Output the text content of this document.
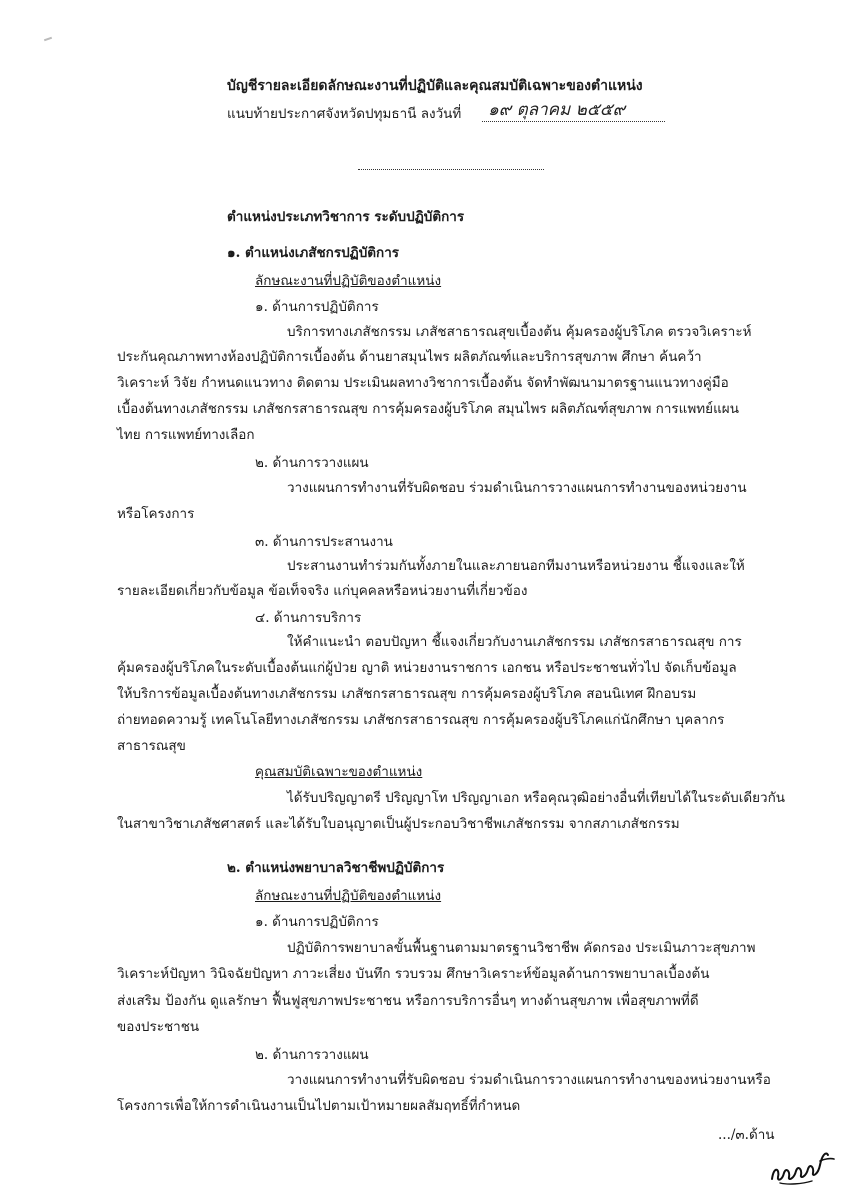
บัญชีรายละเอียดลักษณะงานที่ปฏิบัติและคุณสมบัติเฉพาะของตำแหน่ง
แนบท้ายประกาศจังหวัดปทุมธานี ลงวันที่ ๑๙ ตุลาคม ๒๕๕๙
ตำแหน่งประเภทวิชาการ ระดับปฏิบัติการ
๑. ตำแหน่งเภสัชกรปฏิบัติการ
ลักษณะงานที่ปฏิบัติของตำแหน่ง
๑. ด้านการปฏิบัติการ
บริการทางเภสัชกรรม เภสัชสาธารณสุขเบื้องต้น คุ้มครองผู้บริโภค ตรวจวิเคราะห์
ประกันคุณภาพทางห้องปฏิบัติการเบื้องต้น ด้านยาสมุนไพร ผลิตภัณฑ์และบริการสุขภาพ ศึกษา ค้นคว้า
วิเคราะห์ วิจัย กำหนดแนวทาง ติดตาม ประเมินผลทางวิชาการเบื้องต้น จัดทำพัฒนามาตรฐานแนวทางคู่มือ
เบื้องต้นทางเภสัชกรรม เภสัชกรสาธารณสุข การคุ้มครองผู้บริโภค สมุนไพร ผลิตภัณฑ์สุขภาพ การแพทย์แผน
ไทย การแพทย์ทางเลือก
๒. ด้านการวางแผน
วางแผนการทำงานที่รับผิดชอบ ร่วมดำเนินการวางแผนการทำงานของหน่วยงาน
หรือโครงการ
๓. ด้านการประสานงาน
ประสานงานทำร่วมกันทั้งภายในและภายนอกทีมงานหรือหน่วยงาน ชี้แจงและให้
รายละเอียดเกี่ยวกับข้อมูล ข้อเท็จจริง แก่บุคคลหรือหน่วยงานที่เกี่ยวข้อง
๔. ด้านการบริการ
ให้คำแนะนำ ตอบปัญหา ชี้แจงเกี่ยวกับงานเภสัชกรรม เภสัชกรสาธารณสุข การ
คุ้มครองผู้บริโภคในระดับเบื้องต้นแก่ผู้ป่วย ญาติ หน่วยงานราชการ เอกชน หรือประชาชนทั่วไป จัดเก็บข้อมูล
ให้บริการข้อมูลเบื้องต้นทางเภสัชกรรม เภสัชกรสาธารณสุข การคุ้มครองผู้บริโภค สอนนิเทศ ฝึกอบรม
ถ่ายทอดความรู้ เทคโนโลยีทางเภสัชกรรม เภสัชกรสาธารณสุข การคุ้มครองผู้บริโภคแก่นักศึกษา บุคลากร
สาธารณสุข
คุณสมบัติเฉพาะของตำแหน่ง
ได้รับปริญญาตรี ปริญญาโท ปริญญาเอก หรือคุณวุฒิอย่างอื่นที่เทียบได้ในระดับเดียวกัน
ในสาขาวิชาเภสัชศาสตร์ และได้รับใบอนุญาตเป็นผู้ประกอบวิชาชีพเภสัชกรรม จากสภาเภสัชกรรม
๒. ตำแหน่งพยาบาลวิชาชีพปฏิบัติการ
ลักษณะงานที่ปฏิบัติของตำแหน่ง
๑. ด้านการปฏิบัติการ
ปฏิบัติการพยาบาลขั้นพื้นฐานตามมาตรฐานวิชาชีพ คัดกรอง ประเมินภาวะสุขภาพ
วิเคราะห์ปัญหา วินิจฉัยปัญหา ภาวะเสี่ยง บันทึก รวบรวม ศึกษาวิเคราะห์ข้อมูลด้านการพยาบาลเบื้องต้น
ส่งเสริม ป้องกัน ดูแลรักษา ฟื้นฟูสุขภาพประชาชน หรือการบริการอื่นๆ ทางด้านสุขภาพ เพื่อสุขภาพที่ดี
ของประชาชน
๒. ด้านการวางแผน
วางแผนการทำงานที่รับผิดชอบ ร่วมดำเนินการวางแผนการทำงานของหน่วยงานหรือ
โครงการเพื่อให้การดำเนินงานเป็นไปตามเป้าหมายผลสัมฤทธิ์ที่กำหนด
.../๓.ด้าน
